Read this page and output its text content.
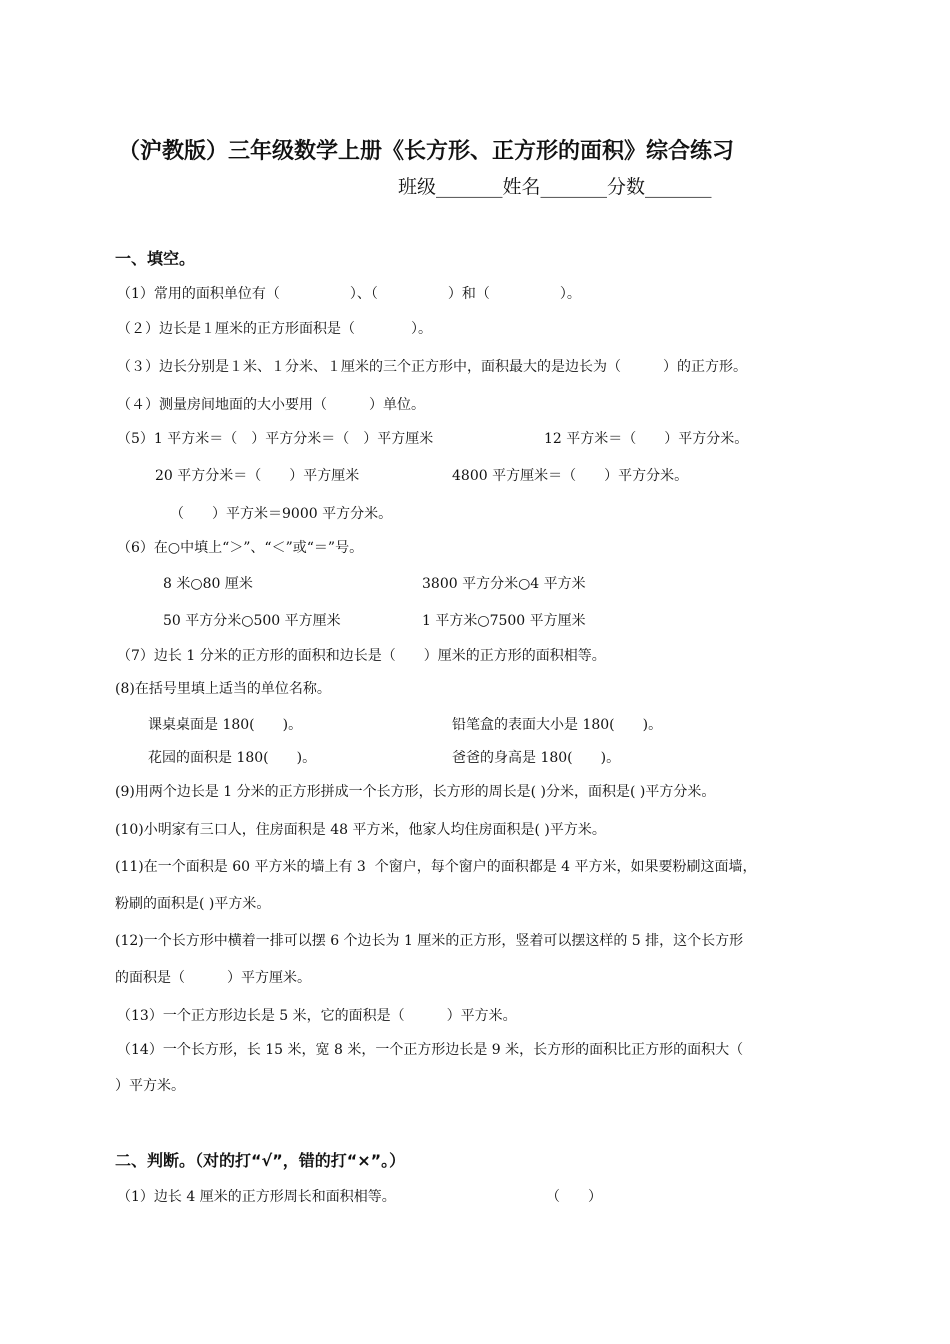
（沪教版）三年级数学上册《长方形、正方形的面积》综合练习
班级_______姓名_______分数_______
一、填空。
（1）常用的面积单位有（　　　　　）、（　　　　　）和（　　　　　）。
（２）边长是１厘米的正方形面积是（　　　　）。
（３）边长分别是１米、１分米、１厘米的三个正方形中，面积最大的是边长为（　　　）的正方形。
（４）测量房间地面的大小要用（　　　）单位。
（5）1 平方米＝（　）平方分米＝（　）平方厘米	12 平方米＝（　　）平方分米。
20 平方分米＝（　　）平方厘米	4800 平方厘米＝（　　）平方分米。
（　　）平方米＝9000 平方分米。
（6）在○中填上“＞”、“＜”或“＝”号。
8 米○80 厘米	3800 平方分米○4 平方米
50 平方分米○500 平方厘米	1 平方米○7500 平方厘米
（7）边长 1 分米的正方形的面积和边长是（　　）厘米的正方形的面积相等。
(8)在括号里填上适当的单位名称。
课桌桌面是 180(　　)。	铅笔盒的表面大小是 180(　　)。
花园的面积是 180(　　)。	爸爸的身高是 180(　　)。
(9)用两个边长是 1 分米的正方形拼成一个长方形，长方形的周长是( )分米，面积是( )平方分米。
(10)小明家有三口人，住房面积是 48 平方米，他家人均住房面积是( )平方米。
(11)在一个面积是 60 平方米的墙上有 3  个窗户，每个窗户的面积都是 4 平方米，如果要粉刷这面墙，
粉刷的面积是( )平方米。
(12)一个长方形中横着一排可以摆 6 个边长为 1 厘米的正方形，竖着可以摆这样的 5 排，这个长方形
的面积是（　　　）平方厘米。
（13）一个正方形边长是 5 米，它的面积是（　　　）平方米。
（14）一个长方形，长 15 米，宽 8 米，一个正方形边长是 9 米，长方形的面积比正方形的面积大（
）平方米。
二、判断。（对的打“√”，错的打“×”。）
（1）边长 4 厘米的正方形周长和面积相等。	（　　）
